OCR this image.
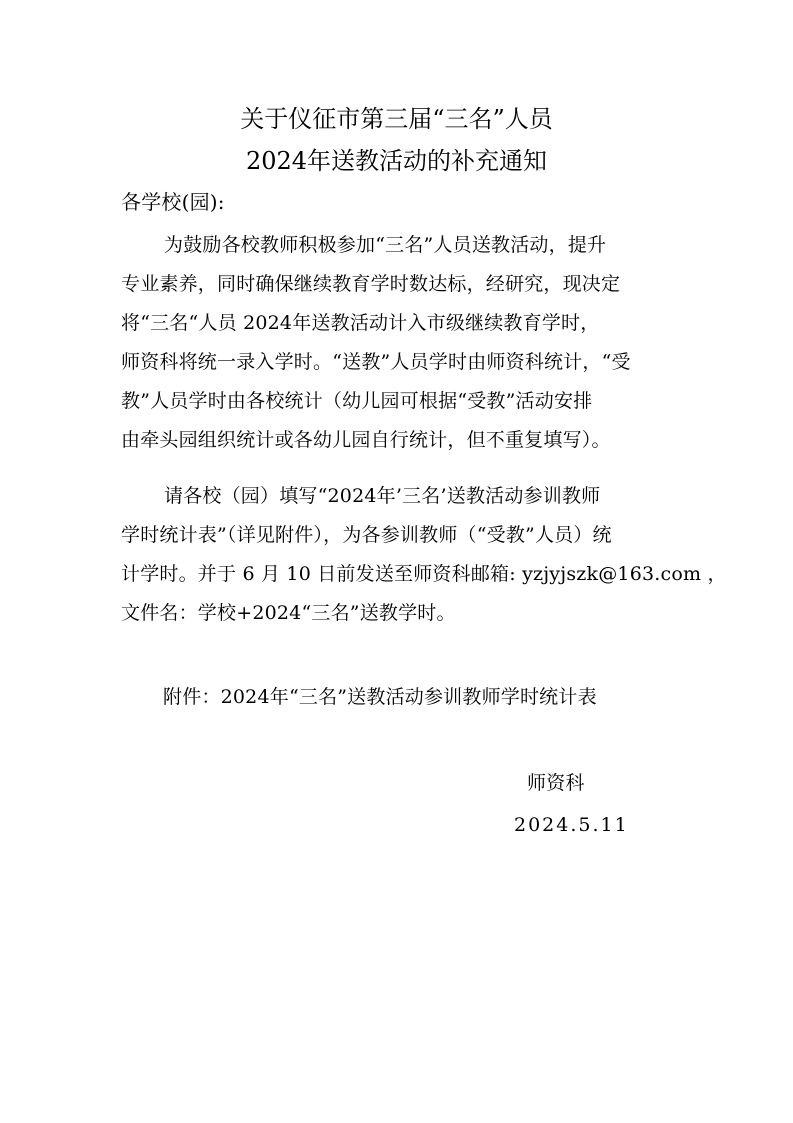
关于仪征市第三届“三名”人员
2024年送教活动的补充通知
各学校(园):
为鼓励各校教师积极参加“三名”人员送教活动，提升
专业素养，同时确保继续教育学时数达标，经研究，现决定
将“三名“人员 2024年送教活动计入市级继续教育学时，
师资科将统一录入学时。“送教”人员学时由师资科统计，“受
教”人员学时由各校统计（幼儿园可根据“受教”活动安排
由牵头园组织统计或各幼儿园自行统计，但不重复填写）。
请各校（园）填写“2024年’三名’送教活动参训教师
学时统计表”（详见附件），为各参训教师（“受教”人员）统
计学时。并于 6 月 10 日前发送至师资科邮箱: yzjyjszk@163.com ，
文件名：学校+2024“三名”送教学时。
附件：2024年“三名”送教活动参训教师学时统计表
师资科
2024.5.11
